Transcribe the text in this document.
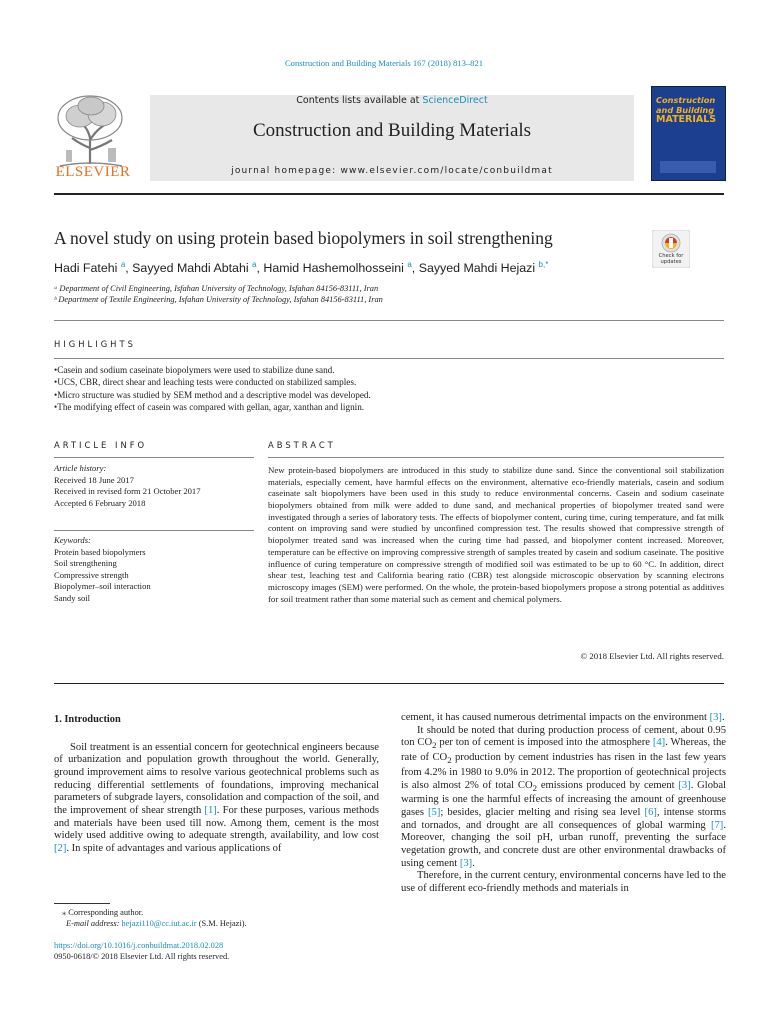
Construction and Building Materials 167 (2018) 813–821
ELSEVIER
Contents lists available at ScienceDirect
Construction and Building Materials
journal homepage: www.elsevier.com/locate/conbuildmat
Construction
and Building
MATERIALS
A novel study on using protein based biopolymers in soil strengthening
Check for updates
Hadi Fatehi $^a$, Sayyed Mahdi Abtahi $^a$, Hamid Hashemolhosseini $^a$, Sayyed Mahdi Hejazi $^{b,*}$
ᵃ Department of Civil Engineering, Isfahan University of Technology, Isfahan 84156-83111, Iran
ᵇ Department of Textile Engineering, Isfahan University of Technology, Isfahan 84156-83111, Iran
HIGHLIGHTS
• Casein and sodium caseinate biopolymers were used to stabilize dune sand.
• UCS, CBR, direct shear and leaching tests were conducted on stabilized samples.
• Micro structure was studied by SEM method and a descriptive model was developed.
• The modifying effect of casein was compared with gellan, agar, xanthan and lignin.
ARTICLE INFO	ABSTRACT
Article history:
Received 18 June 2017
Received in revised form 21 October 2017
Accepted 6 February 2018
Keywords:
Protein based biopolymers
Soil strengthening
Compressive strength
Biopolymer–soil interaction
Sandy soil
New protein-based biopolymers are introduced in this study to stabilize dune sand. Since the conventional soil stabilization materials, especially cement, have harmful effects on the environment, alternative eco-friendly materials, casein and sodium caseinate salt biopolymers have been used in this study to reduce environmental concerns. Casein and sodium caseinate biopolymers obtained from milk were added to dune sand, and mechanical properties of biopolymer treated sand were investigated through a series of laboratory tests. The effects of biopolymer content, curing time, curing temperature, and fat milk content on improving sand were studied by unconfined compression test. The results showed that compressive strength of biopolymer treated sand was increased when the curing time had passed, and biopolymer content increased. Moreover, temperature can be effective on improving compressive strength of samples treated by casein and sodium caseinate. The positive influence of curing temperature on compressive strength of modified soil was estimated to be up to 60 °C. In addition, direct shear test, leaching test and California bearing ratio (CBR) test alongside microscopic observation by scanning electrons microscopy images (SEM) were performed. On the whole, the protein-based biopolymers propose a strong potential as additives for soil treatment rather than some material such as cement and chemical polymers.
© 2018 Elsevier Ltd. All rights reserved.

1. Introduction

Soil treatment is an essential concern for geotechnical engineers because of urbanization and population growth throughout the world. Generally, ground improvement aims to resolve various geotechnical problems such as reducing differential settlements of foundations, improving mechanical parameters of subgrade layers, consolidation and compaction of the soil, and the improvement of shear strength [1]. For these purposes, various methods and materials have been used till now. Among them, cement is the most widely used additive owing to adequate strength, availability, and low cost [2]. In spite of advantages and various applications of

cement, it has caused numerous detrimental impacts on the environment [3].

It should be noted that during production process of cement, about 0.95 ton $CO_2$ per ton of cement is imposed into the atmosphere [4]. Whereas, the rate of $CO_2$ production by cement industries has risen in the last few years from 4.2% in 1980 to 9.0% in 2012. The proportion of geotechnical projects is also almost 2% of total $CO_2$ emissions produced by cement [3]. Global warming is one the harmful effects of increasing the amount of greenhouse gases [5]; besides, glacier melting and rising sea level [6], intense storms and tornados, and drought are all consequences of global warming [7]. Moreover, changing the soil pH, urban runoff, preventing the surface vegetation growth, and concrete dust are other environmental drawbacks of using cement [3].

Therefore, in the current century, environmental concerns have led to the use of different eco-friendly methods and materials in

⁎ Corresponding author.
E-mail address: hejazi110@cc.iut.ac.ir (S.M. Hejazi).
https://doi.org/10.1016/j.conbuildmat.2018.02.028
0950-0618/© 2018 Elsevier Ltd. All rights reserved.
